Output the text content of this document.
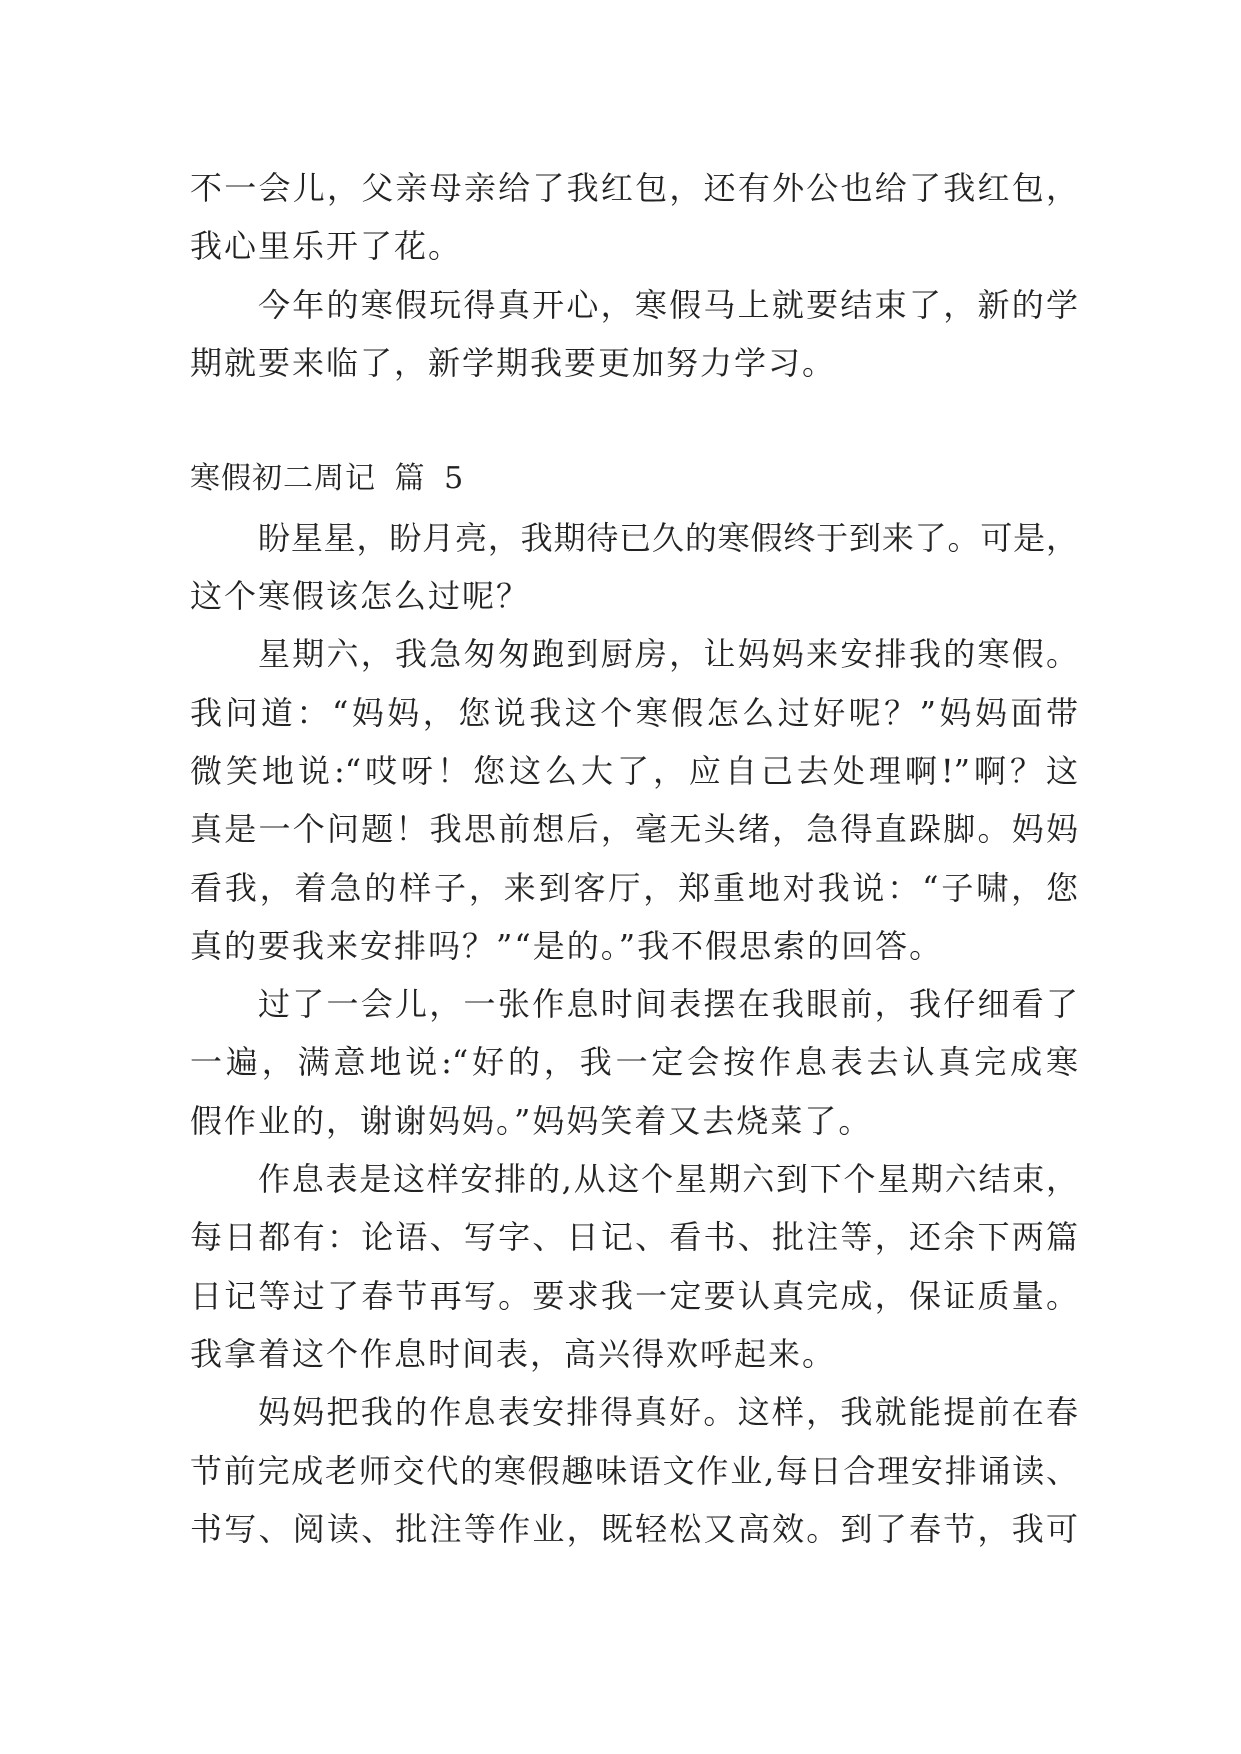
不一会儿，父亲母亲给了我红包，还有外公也给了我红包，
我心里乐开了花。
今年的寒假玩得真开心，寒假马上就要结束了，新的学
期就要来临了，新学期我要更加努力学习。
寒假初二周记 篇 5
盼星星，盼月亮，我期待已久的寒假终于到来了。可是，
这个寒假该怎么过呢？
星期六，我急匆匆跑到厨房，让妈妈来安排我的寒假。
我问道：“妈妈，您说我这个寒假怎么过好呢？”妈妈面带
微笑地说:“哎呀！您这么大了，应自己去处理啊!”啊？这
真是一个问题！我思前想后，毫无头绪，急得直跺脚。妈妈
看我，着急的样子，来到客厅，郑重地对我说：“子啸，您
真的要我来安排吗？”“是的。”我不假思索的回答。
过了一会儿，一张作息时间表摆在我眼前，我仔细看了
一遍，满意地说:“好的，我一定会按作息表去认真完成寒
假作业的，谢谢妈妈。”妈妈笑着又去烧菜了。
作息表是这样安排的,从这个星期六到下个星期六结束，
每日都有：论语、写字、日记、看书、批注等，还余下两篇
日记等过了春节再写。要求我一定要认真完成，保证质量。
我拿着这个作息时间表，高兴得欢呼起来。
妈妈把我的作息表安排得真好。这样，我就能提前在春
节前完成老师交代的寒假趣味语文作业,每日合理安排诵读、
书写、阅读、批注等作业，既轻松又高效。到了春节，我可
